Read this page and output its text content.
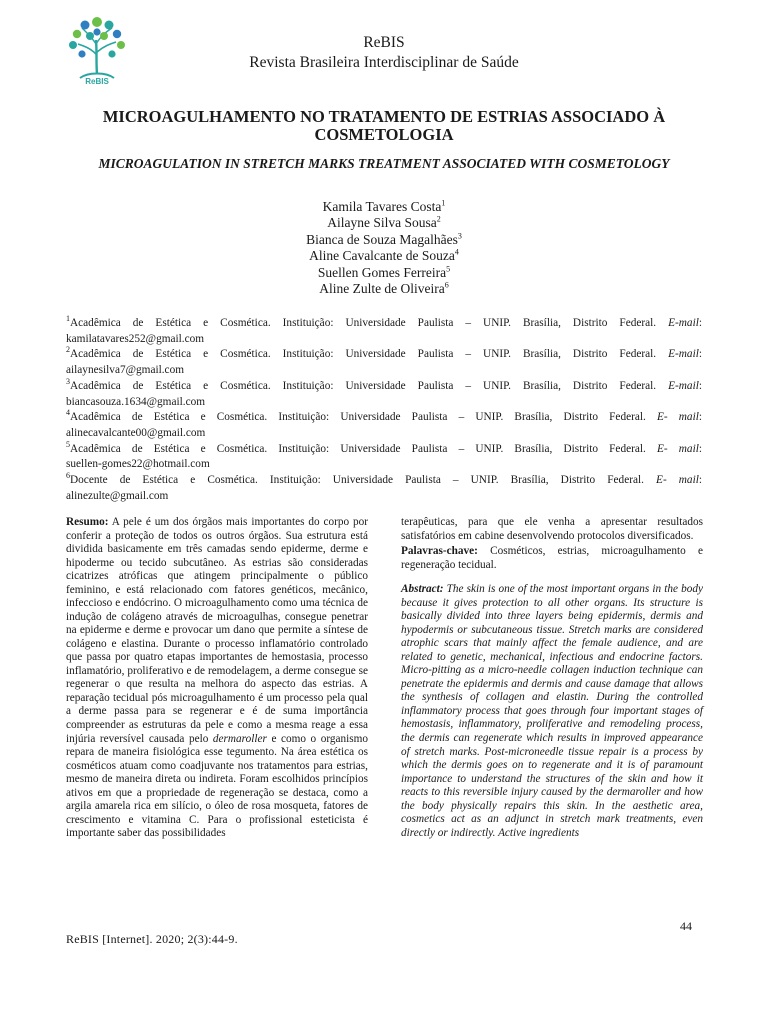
ReBIS
ReBIS
Revista Brasileira Interdisciplinar de Saúde
MICROAGULHAMENTO NO TRATAMENTO DE ESTRIAS ASSOCIADO À COSMETOLOGIA
MICROAGULATION IN STRETCH MARKS TREATMENT ASSOCIATED WITH COSMETOLOGY
Kamila Tavares Costa$^1$
Ailayne Silva Sousa$^2$
Bianca de Souza Magalhães$^3$
Aline Cavalcante de Souza$^4$
Suellen Gomes Ferreira$^5$
Aline Zulte de Oliveira$^6$

$^1$Acadêmica de Estética e Cosmética. Instituição: Universidade Paulista – UNIP. Brasília, Distrito Federal. E-mail:

kamilatavares252@gmail.com

$^2$Acadêmica de Estética e Cosmética. Instituição: Universidade Paulista – UNIP. Brasília, Distrito Federal. E-mail:

ailaynesilva7@gmail.com

$^3$Acadêmica de Estética e Cosmética. Instituição: Universidade Paulista – UNIP. Brasília, Distrito Federal. E-mail:

biancasouza.1634@gmail.com

$^4$Acadêmica de Estética e Cosmética. Instituição: Universidade Paulista – UNIP. Brasília, Distrito Federal. E- mail:

alinecavalcante00@gmail.com

$^5$Acadêmica de Estética e Cosmética. Instituição: Universidade Paulista – UNIP. Brasília, Distrito Federal. E- mail:

suellen-gomes22@hotmail.com

$^6$Docente de Estética e Cosmética. Instituição: Universidade Paulista – UNIP. Brasília, Distrito Federal. E- mail:

alinezulte@gmail.com

Resumo: A pele é um dos órgãos mais importantes do corpo por conferir a proteção de todos os outros órgãos. Sua estrutura está dividida basicamente em três camadas sendo epiderme, derme e hipoderme ou tecido subcutâneo. As estrias são consideradas cicatrizes atróficas que atingem principalmente o público feminino, e está relacionado com fatores genéticos, mecânico, infeccioso e endócrino. O microagulhamento como uma técnica de indução de colágeno através de microagulhas, consegue penetrar na epiderme e derme e provocar um dano que permite a síntese de colágeno e elastina. Durante o processo inflamatório controlado que passa por quatro etapas importantes de hemostasia, processo inflamatório, proliferativo e de remodelagem, a derme consegue se regenerar o que resulta na melhora do aspecto das estrias. A reparação tecidual pós microagulhamento é um processo pela qual a derme passa para se regenerar e é de suma importância compreender as estruturas da pele e como a mesma reage a essa injúria reversível causada pelo dermaroller e como o organismo repara de maneira fisiológica esse tegumento. Na área estética os cosméticos atuam como coadjuvante nos tratamentos para estrias, mesmo de maneira direta ou indireta. Foram escolhidos princípios ativos em que a propriedade de regeneração se destaca, como a argila amarela rica em silício, o óleo de rosa mosqueta, fatores de crescimento e vitamina C. Para o profissional esteticista é importante saber das possibilidades

terapêuticas, para que ele venha a apresentar resultados satisfatórios em cabine desenvolvendo protocolos diversificados.

Palavras-chave: Cosméticos, estrias, microagulhamento e regeneração tecidual.

Abstract: The skin is one of the most important organs in the body because it gives protection to all other organs. Its structure is basically divided into three layers being epidermis, dermis and hypodermis or subcutaneous tissue. Stretch marks are considered atrophic scars that mainly affect the female audience, and are related to genetic, mechanical, infectious and endocrine factors. Micro-pitting as a micro-needle collagen induction technique can penetrate the epidermis and dermis and cause damage that allows the synthesis of collagen and elastin. During the controlled inflammatory process that goes through four important stages of hemostasis, inflammatory, proliferative and remodeling process, the dermis can regenerate which results in improved appearance of stretch marks. Post-microneedle tissue repair is a process by which the dermis goes on to regenerate and it is of paramount importance to understand the structures of the skin and how it reacts to this reversible injury caused by the dermaroller and how the body physically repairs this skin. In the aesthetic area, cosmetics act as an adjunct in stretch mark treatments, even directly or indirectly. Active ingredients

44
ReBIS [Internet]. 2020; 2(3):44-9.
